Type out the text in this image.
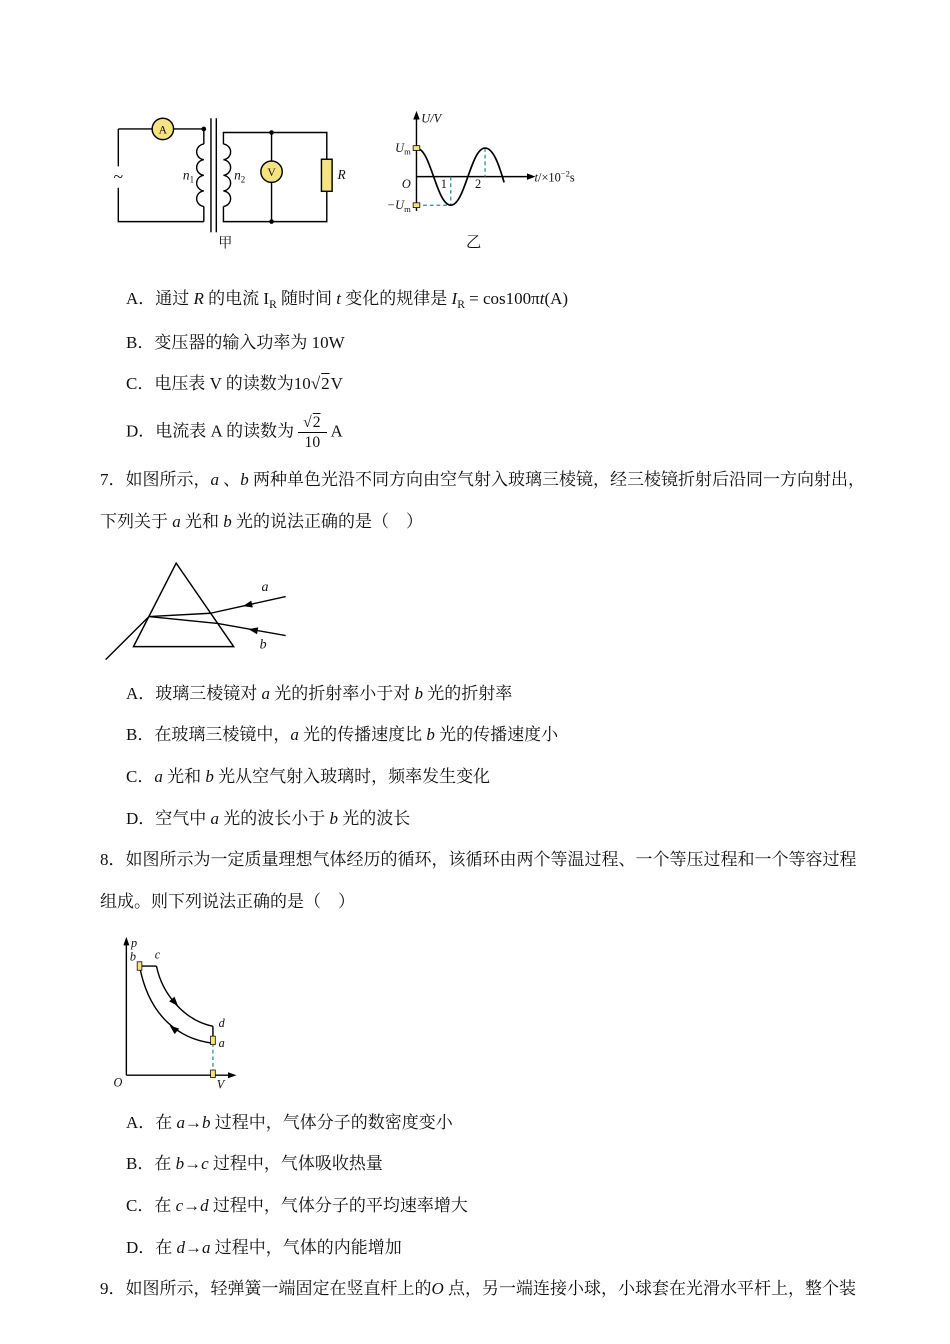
~
A
V
$n_1$	$n_2$	R
甲
U/V
$U_m$
O
$-U_m$
1 2	$t/\times 10^{-2}s$
乙

A．通过 R 的电流 $I_R$ 随时间 t 变化的规律是 $I_R = \cos 100\pi t(A)$

B．变压器的输入功率为 10W

C．电压表 V 的读数为10√2V

D．电流表 A 的读数为 $\frac{√2}{10}$ A

7．如图所示，a 、b 两种单色光沿不同方向由空气射入玻璃三棱镜，经三棱镜折射后沿同一方向射出，

下列关于 a 光和 b 光的说法正确的是（　）

a
b

A．玻璃三棱镜对 a 光的折射率小于对 b 光的折射率

B．在玻璃三棱镜中，a 光的传播速度比 b 光的传播速度小

C．a 光和 b 光从空气射入玻璃时，频率发生变化

D．空气中 a 光的波长小于 b 光的波长

8．如图所示为一定质量理想气体经历的循环，该循环由两个等温过程、一个等压过程和一个等容过程

组成。则下列说法正确的是（　）

p
V
O
b c
d
a

A．在 a→b 过程中，气体分子的数密度变小

B．在 b→c 过程中，气体吸收热量

C．在 c→d 过程中，气体分子的平均速率增大

D．在 d→a 过程中，气体的内能增加

9．如图所示，轻弹簧一端固定在竖直杆上的O 点，另一端连接小球，小球套在光滑水平杆上，整个装
